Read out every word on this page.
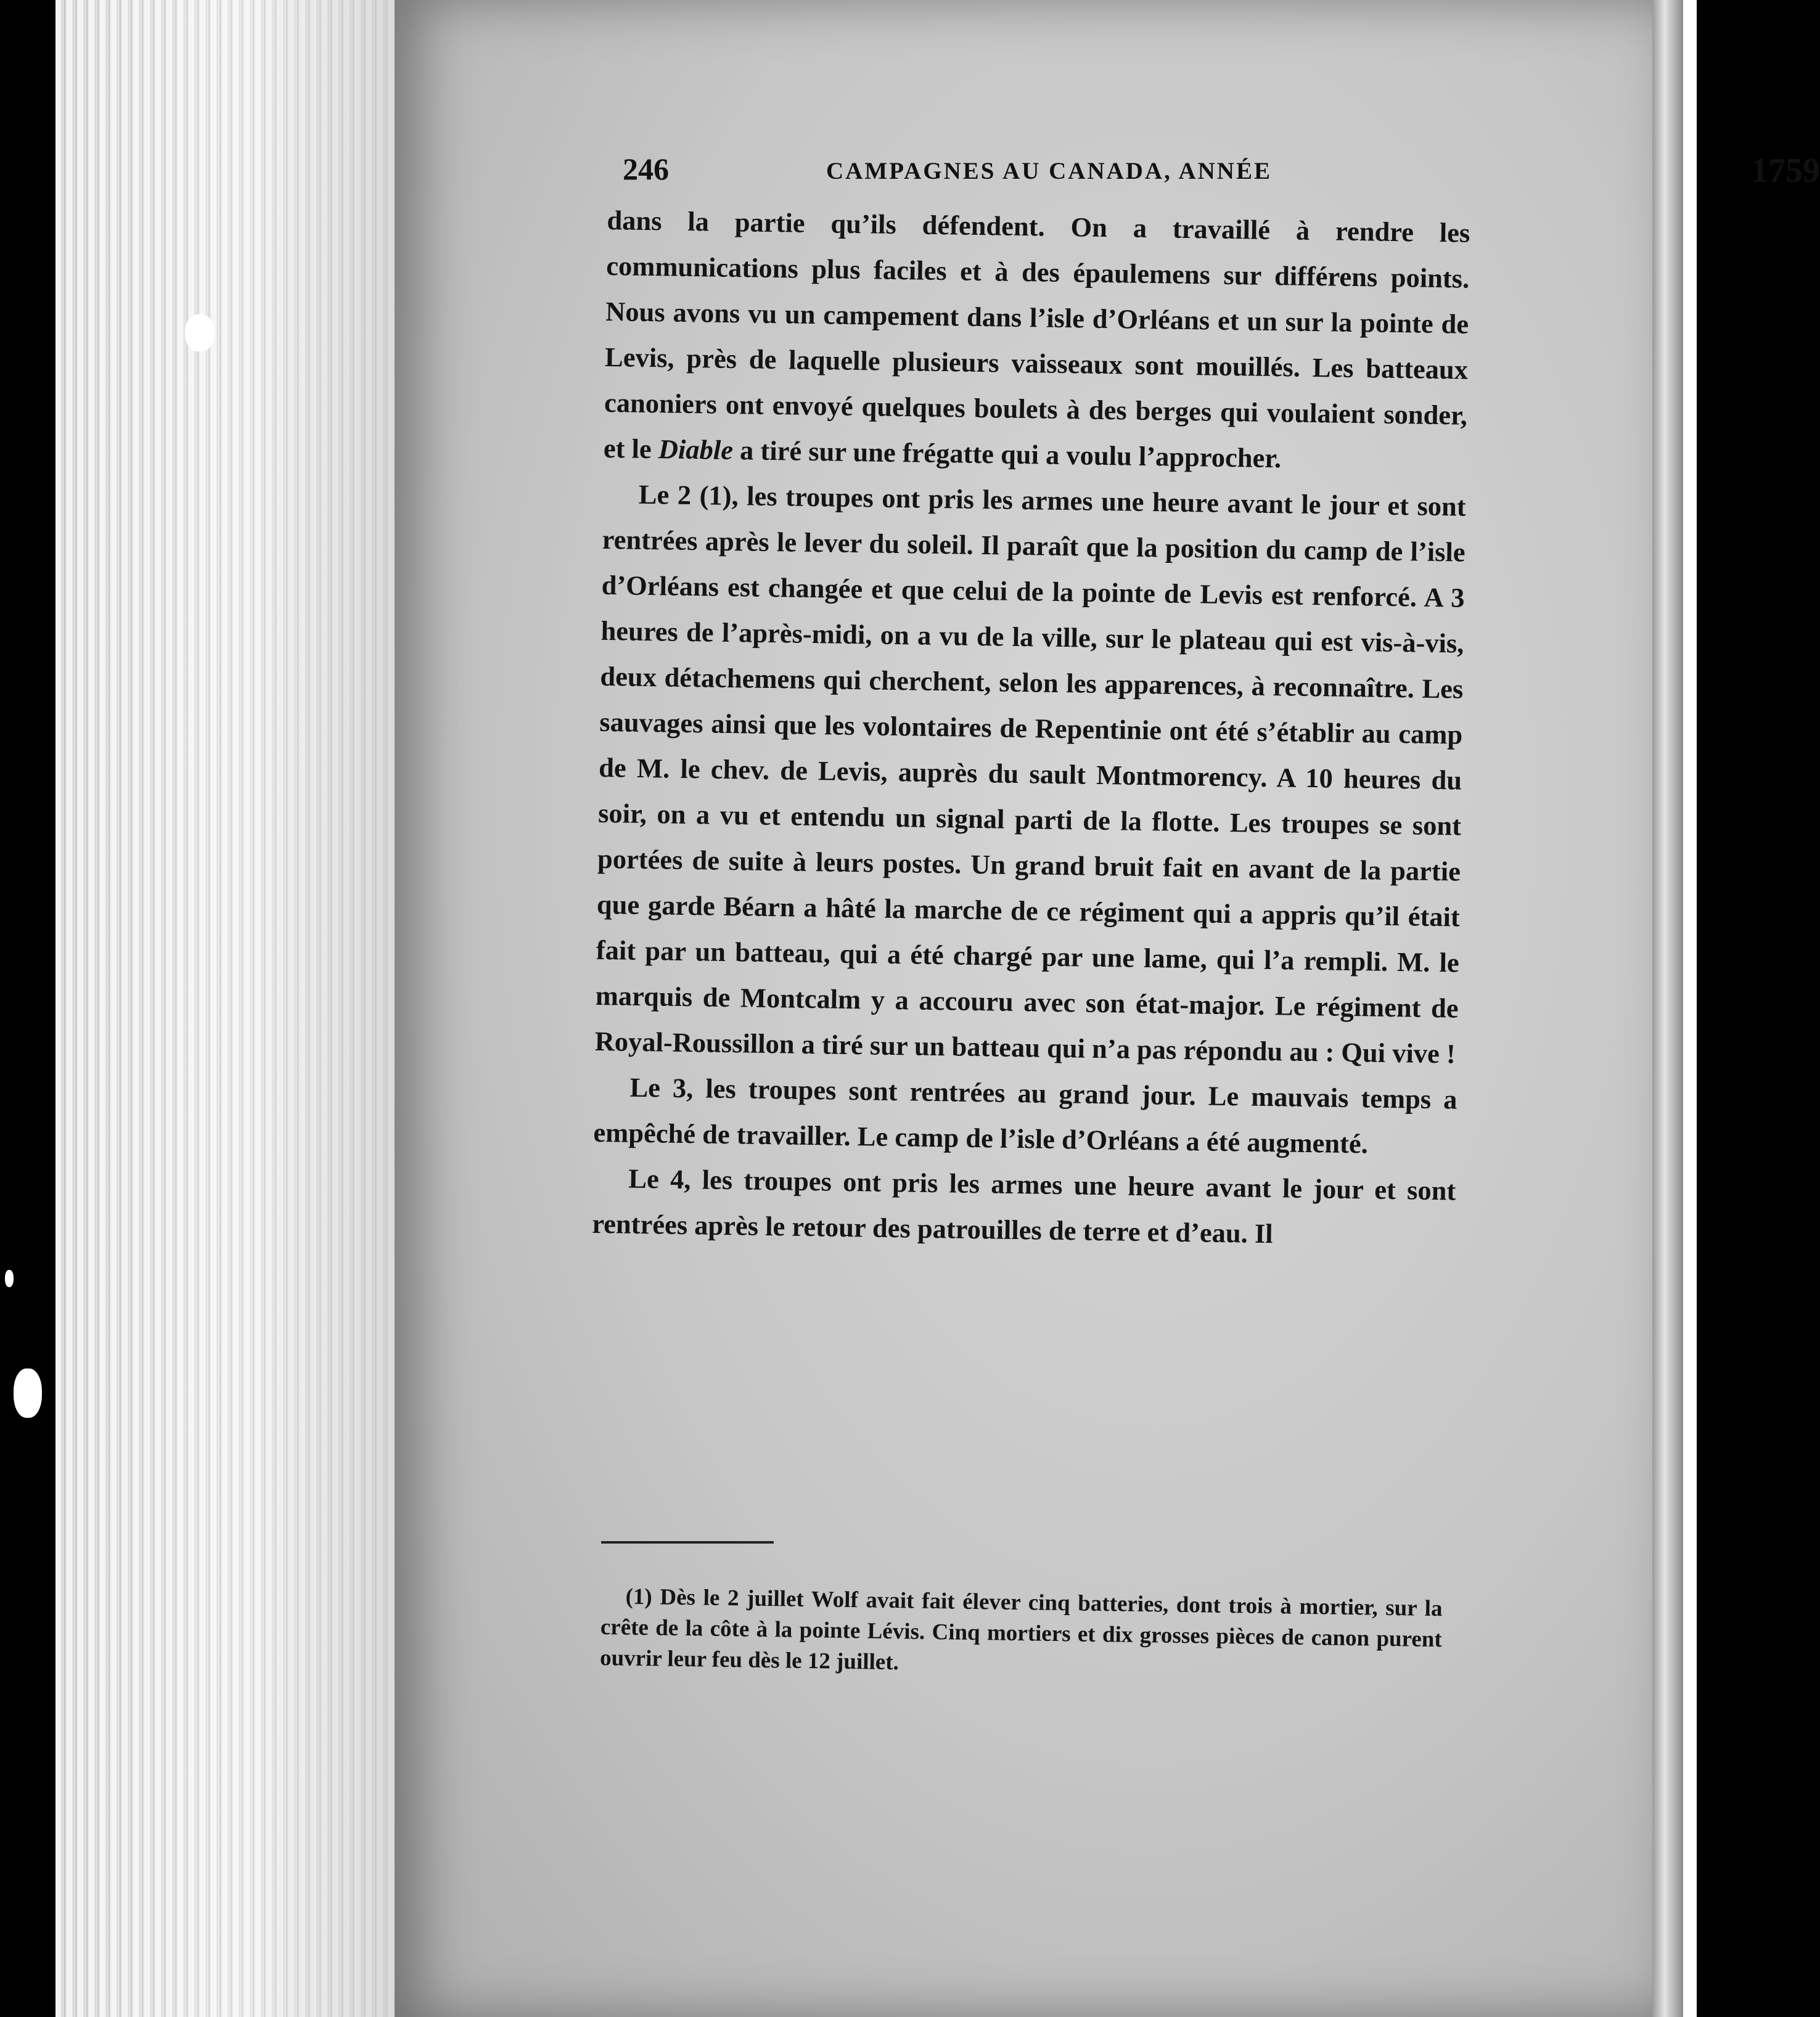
246	CAMPAGNES AU CANADA, ANNÉE	1759

dans la partie qu’ils défendent. On a travaillé à rendre les communications plus faciles et à des épaulemens sur différens points. Nous avons vu un campement dans l’isle d’Orléans et un sur la pointe de Levis, près de laquelle plusieurs vaisseaux sont mouillés. Les batteaux canoniers ont envoyé quelques boulets à des berges qui voulaient sonder, et le Diable a tiré sur une frégatte qui a voulu l’approcher.

Le 2 (1), les troupes ont pris les armes une heure avant le jour et sont rentrées après le lever du soleil. Il paraît que la position du camp de l’isle d’Orléans est changée et que celui de la pointe de Levis est renforcé. A 3 heures de l’après-midi, on a vu de la ville, sur le plateau qui est vis-à-vis, deux détachemens qui cherchent, selon les apparences, à reconnaître. Les sauvages ainsi que les volontaires de Repentinie ont été s’établir au camp de M. le chev. de Levis, auprès du sault Montmorency. A 10 heures du soir, on a vu et entendu un signal parti de la flotte. Les troupes se sont portées de suite à leurs postes. Un grand bruit fait en avant de la partie que garde Béarn a hâté la marche de ce régiment qui a appris qu’il était fait par un batteau, qui a été chargé par une lame, qui l’a rempli. M. le marquis de Montcalm y a accouru avec son état-major. Le régiment de Royal-Roussillon a tiré sur un batteau qui n’a pas répondu au : Qui vive !

Le 3, les troupes sont rentrées au grand jour. Le mauvais temps a empêché de travailler. Le camp de l’isle d’Orléans a été augmenté.

Le 4, les troupes ont pris les armes une heure avant le jour et sont rentrées après le retour des patrouilles de terre et d’eau. Il

(1) Dès le 2 juillet Wolf avait fait élever cinq batteries, dont trois à mortier, sur la crête de la côte à la pointe Lévis. Cinq mortiers et dix grosses pièces de canon purent ouvrir leur feu dès le 12 juillet.
